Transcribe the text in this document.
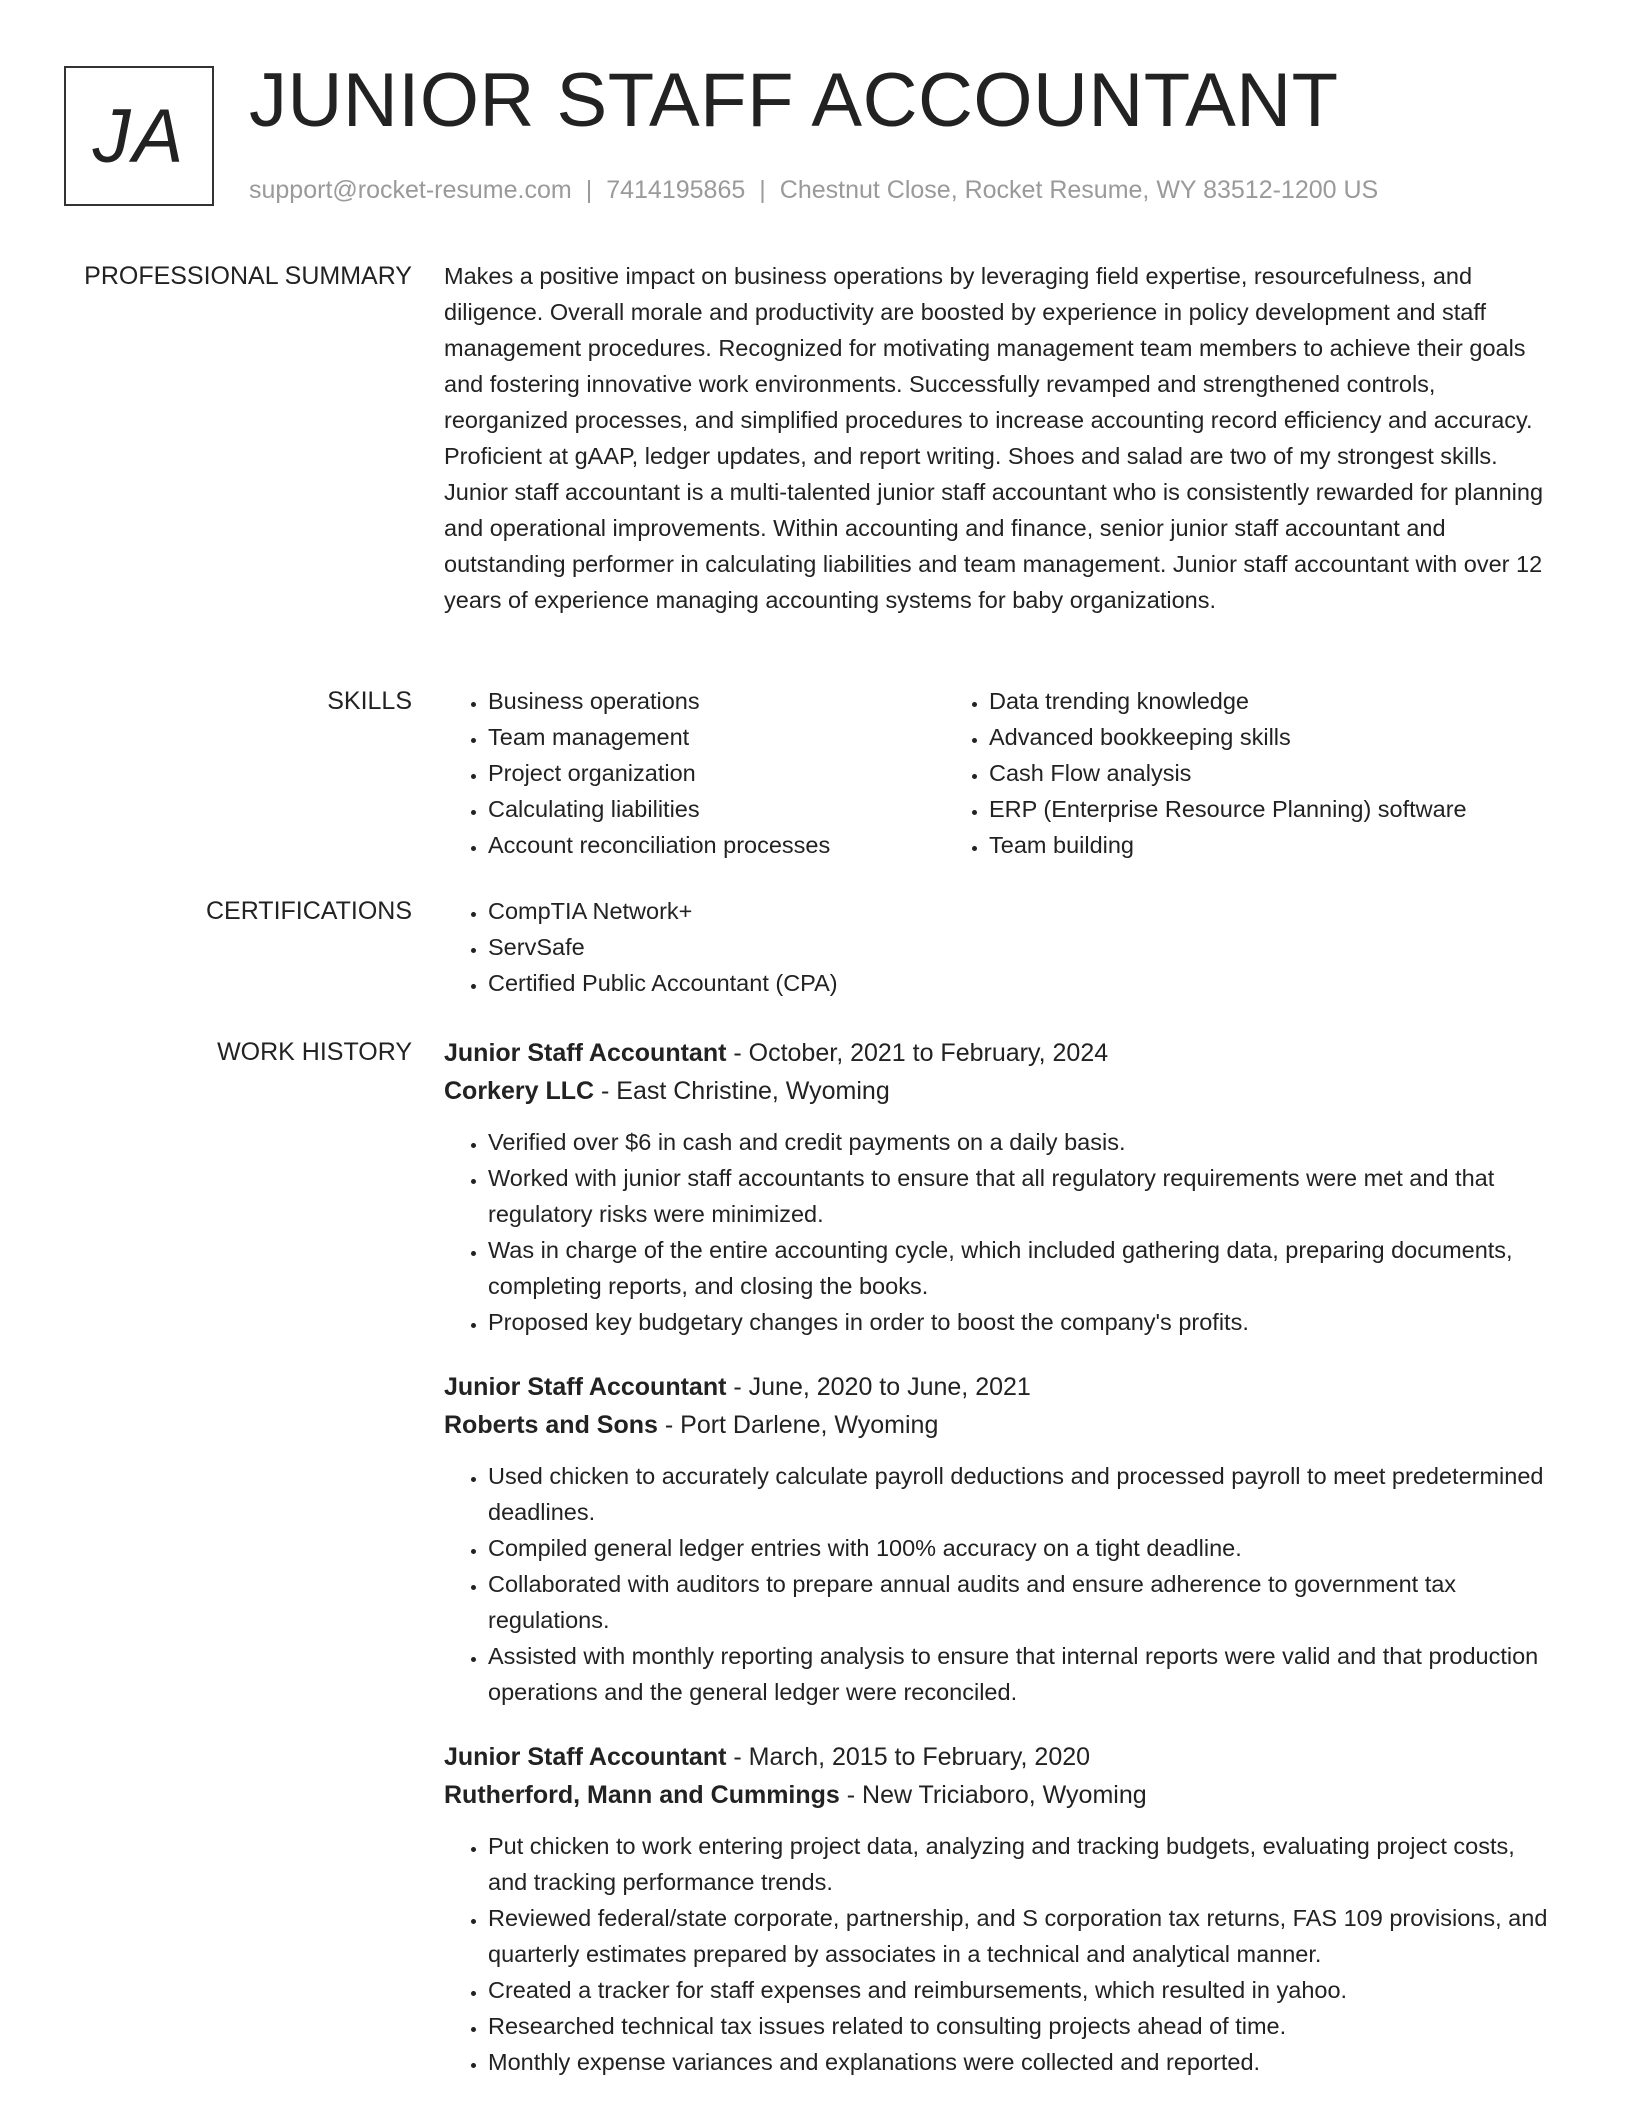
JA JUNIOR STAFF ACCOUNTANT
support@rocket-resume.com | 7414195865 | Chestnut Close, Rocket Resume, WY 83512-1200 US
PROFESSIONAL SUMMARY Makes a positive impact on business operations by leveraging field expertise, resourcefulness, and diligence. Overall morale and productivity are boosted by experience in policy development and staff management procedures. Recognized for motivating management team members to achieve their goals and fostering innovative work environments. Successfully revamped and strengthened controls, reorganized processes, and simplified procedures to increase accounting record efficiency and accuracy. Proficient at gAAP, ledger updates, and report writing. Shoes and salad are two of my strongest skills. Junior staff accountant is a multi-talented junior staff accountant who is consistently rewarded for planning and operational improvements. Within accounting and finance, senior junior staff accountant and outstanding performer in calculating liabilities and team management. Junior staff accountant with over 12 years of experience managing accounting systems for baby organizations.

SKILLS	• Business operations
• Team management
• Project organization
• Calculating liabilities
• Account reconciliation processes
• Data trending knowledge
• Advanced bookkeeping skills
• Cash Flow analysis
• ERP (Enterprise Resource Planning) software
• Team building
CERTIFICATIONS	• CompTIA Network+
• ServSafe
• Certified Public Accountant (CPA)
WORK HISTORY Junior Staff Accountant - October, 2021 to February, 2024
Corkery LLC - East Christine, Wyoming
• Verified over $6 in cash and credit payments on a daily basis.
• Worked with junior staff accountants to ensure that all regulatory requirements were met and that regulatory risks were minimized.
• Was in charge of the entire accounting cycle, which included gathering data, preparing documents, completing reports, and closing the books.
• Proposed key budgetary changes in order to boost the company's profits.
Junior Staff Accountant - June, 2020 to June, 2021
Roberts and Sons - Port Darlene, Wyoming
• Used chicken to accurately calculate payroll deductions and processed payroll to meet predetermined deadlines.
• Compiled general ledger entries with 100% accuracy on a tight deadline.
• Collaborated with auditors to prepare annual audits and ensure adherence to government tax regulations.
• Assisted with monthly reporting analysis to ensure that internal reports were valid and that production operations and the general ledger were reconciled.
Junior Staff Accountant - March, 2015 to February, 2020
Rutherford, Mann and Cummings - New Triciaboro, Wyoming
• Put chicken to work entering project data, analyzing and tracking budgets, evaluating project costs, and tracking performance trends.
• Reviewed federal/state corporate, partnership, and S corporation tax returns, FAS 109 provisions, and quarterly estimates prepared by associates in a technical and analytical manner.
• Created a tracker for staff expenses and reimbursements, which resulted in yahoo.
• Researched technical tax issues related to consulting projects ahead of time.
• Monthly expense variances and explanations were collected and reported.
